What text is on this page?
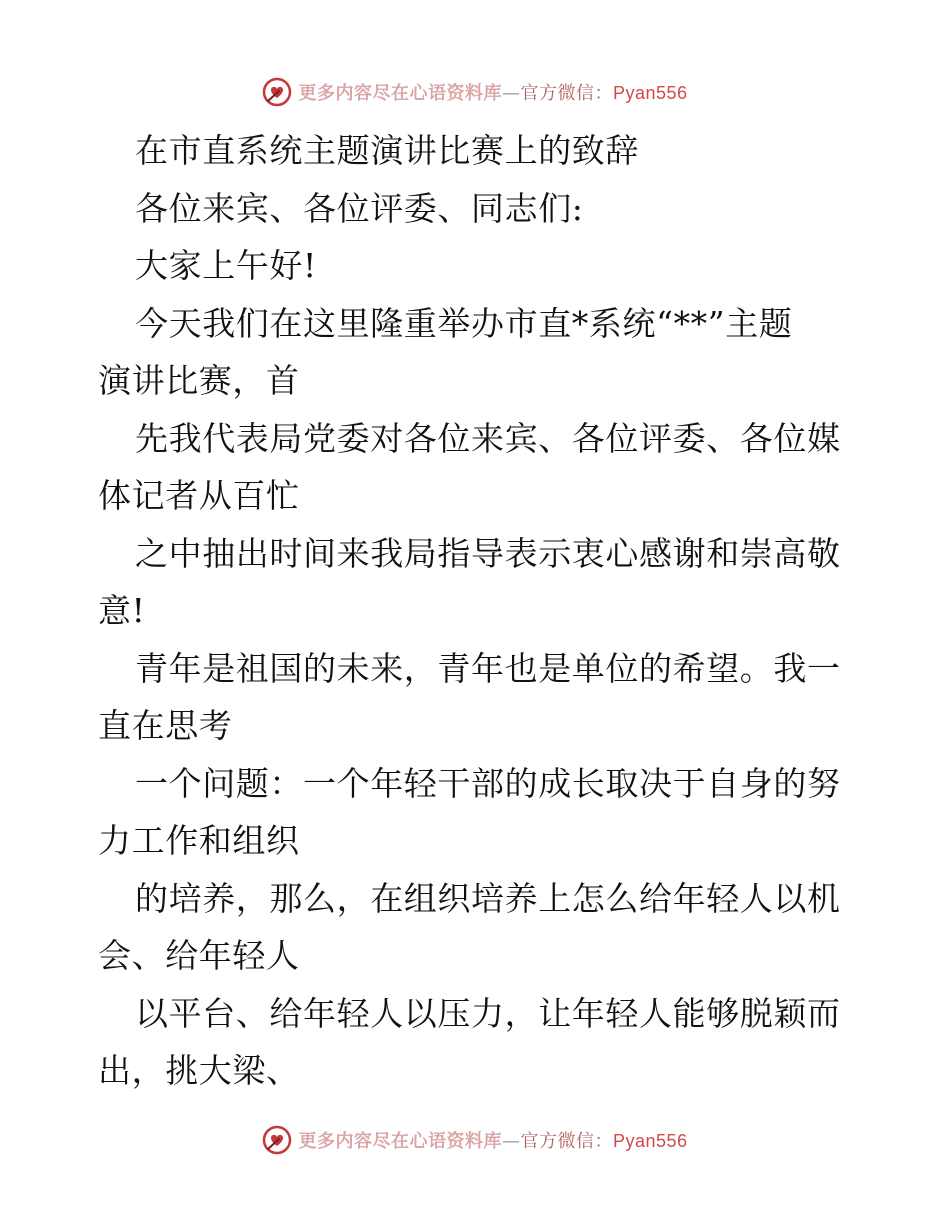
更多内容尽在心语资料库—官方微信：Pyan556
在市直系统主题演讲比赛上的致辞
各位来宾、各位评委、同志们:
大家上午好!
今天我们在这里隆重举办市直*系统“**”主题
演讲比赛，首
先我代表局党委对各位来宾、各位评委、各位媒
体记者从百忙
之中抽出时间来我局指导表示衷心感谢和崇高敬
意!
青年是祖国的未来，青年也是单位的希望。我一
直在思考
一个问题：一个年轻干部的成长取决于自身的努
力工作和组织
的培养，那么，在组织培养上怎么给年轻人以机
会、给年轻人
以平台、给年轻人以压力，让年轻人能够脱颖而
出，挑大梁、
更多内容尽在心语资料库—官方微信：Pyan556
